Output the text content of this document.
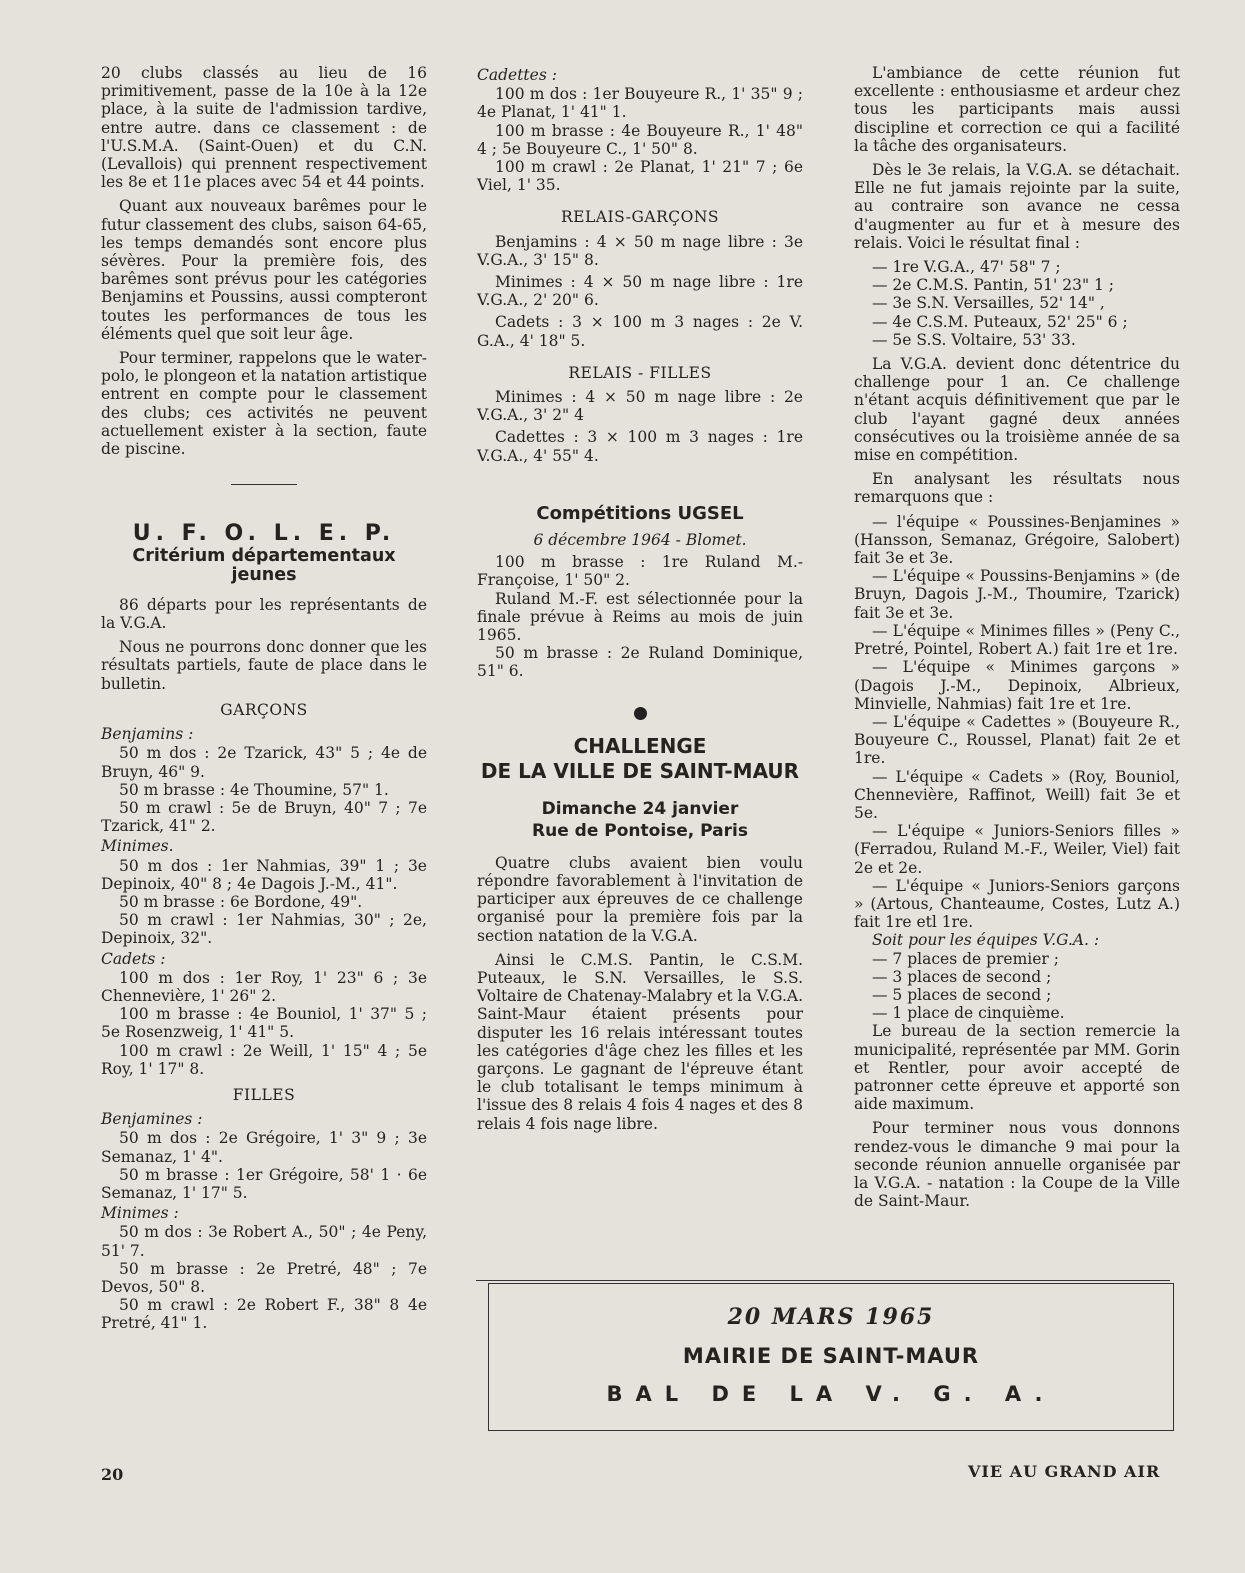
20 clubs classés au lieu de 16 primitivement, passe de la 10e à la 12e place, à la suite de l'admission tardive, entre autre. dans ce classement : de l'U.S.M.A. (Saint-Ouen) et du C.N. (Levallois) qui prennent respectivement les 8e et 11e places avec 54 et 44 points.

Quant aux nouveaux barêmes pour le futur classement des clubs, saison 64-65, les temps demandés sont encore plus sévères. Pour la première fois, des barêmes sont prévus pour les catégories Benjamins et Poussins, aussi compteront toutes les performances de tous les éléments quel que soit leur âge.

Pour terminer, rappelons que le water-polo, le plongeon et la natation artistique entrent en compte pour le classement des clubs; ces activités ne peuvent actuellement exister à la section, faute de piscine.

U. F. O. L. E. P.
Critérium départementaux jeunes

86 départs pour les représentants de la V.G.A.

Nous ne pourrons donc donner que les résultats partiels, faute de place dans le bulletin.

GARÇONS
Benjamins :

50 m dos : 2e Tzarick, 43" 5 ; 4e de Bruyn, 46" 9.

50 m brasse : 4e Thoumine, 57" 1.

50 m crawl : 5e de Bruyn, 40" 7 ; 7e Tzarick, 41" 2.

Minimes.

50 m dos : 1er Nahmias, 39" 1 ; 3e Depinoix, 40" 8 ; 4e Dagois J.-M., 41".

50 m brasse : 6e Bordone, 49".

50 m crawl : 1er Nahmias, 30" ; 2e, Depinoix, 32".

Cadets :

100 m dos : 1er Roy, 1' 23" 6 ; 3e Chennevière, 1' 26" 2.

100 m brasse : 4e Bouniol, 1' 37" 5 ; 5e Rosenzweig, 1' 41" 5.

100 m crawl : 2e Weill, 1' 15" 4 ; 5e Roy, 1' 17" 8.

FILLES
Benjamines :

50 m dos : 2e Grégoire, 1' 3" 9 ; 3e Semanaz, 1' 4".

50 m brasse : 1er Grégoire, 58' 1 · 6e Semanaz, 1' 17" 5.

Minimes :

50 m dos : 3e Robert A., 50" ; 4e Peny, 51' 7.

50 m brasse : 2e Pretré, 48" ; 7e Devos, 50" 8.

50 m crawl : 2e Robert F., 38" 8 4e Pretré, 41" 1.

Cadettes :

100 m dos : 1er Bouyeure R., 1' 35" 9 ; 4e Planat, 1' 41" 1.

100 m brasse : 4e Bouyeure R., 1' 48" 4 ; 5e Bouyeure C., 1' 50" 8.

100 m crawl : 2e Planat, 1' 21" 7 ; 6e Viel, 1' 35.

RELAIS-GARÇONS

Benjamins : 4 × 50 m nage libre : 3e V.G.A., 3' 15" 8.

Minimes : 4 × 50 m nage libre : 1re V.G.A., 2' 20" 6.

Cadets : 3 × 100 m 3 nages : 2e V. G.A., 4' 18" 5.

RELAIS - FILLES

Minimes : 4 × 50 m nage libre : 2e V.G.A., 3' 2" 4

Cadettes : 3 × 100 m 3 nages : 1re V.G.A., 4' 55" 4.

Compétitions UGSEL
6 décembre 1964 - Blomet.

100 m brasse : 1re Ruland M.-Françoise, 1' 50" 2.

Ruland M.-F. est sélectionnée pour la finale prévue à Reims au mois de juin 1965.

50 m brasse : 2e Ruland Dominique, 51" 6.

CHALLENGE
DE LA VILLE DE SAINT-MAUR
Dimanche 24 janvier
Rue de Pontoise, Paris

Quatre clubs avaient bien voulu répondre favorablement à l'invitation de participer aux épreuves de ce challenge organisé pour la première fois par la section natation de la V.G.A.

Ainsi le C.M.S. Pantin, le C.S.M. Puteaux, le S.N. Versailles, le S.S. Voltaire de Chatenay-Malabry et la V.G.A. Saint-Maur étaient présents pour disputer les 16 relais intéressant toutes les catégories d'âge chez les filles et les garçons. Le gagnant de l'épreuve étant le club totalisant le temps minimum à l'issue des 8 relais 4 fois 4 nages et des 8 relais 4 fois nage libre.

L'ambiance de cette réunion fut excellente : enthousiasme et ardeur chez tous les participants mais aussi discipline et correction ce qui a facilité la tâche des organisateurs.

Dès le 3e relais, la V.G.A. se détachait. Elle ne fut jamais rejointe par la suite, au contraire son avance ne cessa d'augmenter au fur et à mesure des relais. Voici le résultat final :

— 1re V.G.A., 47' 58" 7 ;
— 2e C.M.S. Pantin, 51' 23" 1 ;
— 3e S.N. Versailles, 52' 14" ,
— 4e C.S.M. Puteaux, 52' 25" 6 ;
— 5e S.S. Voltaire, 53' 33.

La V.G.A. devient donc détentrice du challenge pour 1 an. Ce challenge n'étant acquis définitivement que par le club l'ayant gagné deux années consécutives ou la troisième année de sa mise en compétition.

En analysant les résultats nous remarquons que :

— l'équipe « Poussines-Benjamines » (Hansson, Semanaz, Grégoire, Salobert) fait 3e et 3e.

— L'équipe « Poussins-Benjamins » (de Bruyn, Dagois J.-M., Thoumire, Tzarick) fait 3e et 3e.

— L'équipe « Minimes filles » (Peny C., Pretré, Pointel, Robert A.) fait 1re et 1re.

— L'équipe « Minimes garçons » (Dagois J.-M., Depinoix, Albrieux, Minvielle, Nahmias) fait 1re et 1re.

— L'équipe « Cadettes » (Bouyeure R., Bouyeure C., Roussel, Planat) fait 2e et 1re.

— L'équipe « Cadets » (Roy, Bouniol, Chennevière, Raffinot, Weill) fait 3e et 5e.

— L'équipe « Juniors-Seniors filles » (Ferradou, Ruland M.-F., Weiler, Viel) fait 2e et 2e.

— L'équipe « Juniors-Seniors garçons » (Artous, Chanteaume, Costes, Lutz A.) fait 1re etl 1re.

Soit pour les équipes V.G.A. :

— 7 places de premier ;
— 3 places de second ;
— 5 places de second ;
— 1 place de cinquième.

Le bureau de la section remercie la municipalité, représentée par MM. Gorin et Rentler, pour avoir accepté de patronner cette épreuve et apporté son aide maximum.

Pour terminer nous vous donnons rendez-vous le dimanche 9 mai pour la seconde réunion annuelle organisée par la V.G.A. - natation : la Coupe de la Ville de Saint-Maur.

20 MARS 1965
MAIRIE DE SAINT-MAUR
BAL DE LA V. G. A.
20	VIE AU GRAND AIR
